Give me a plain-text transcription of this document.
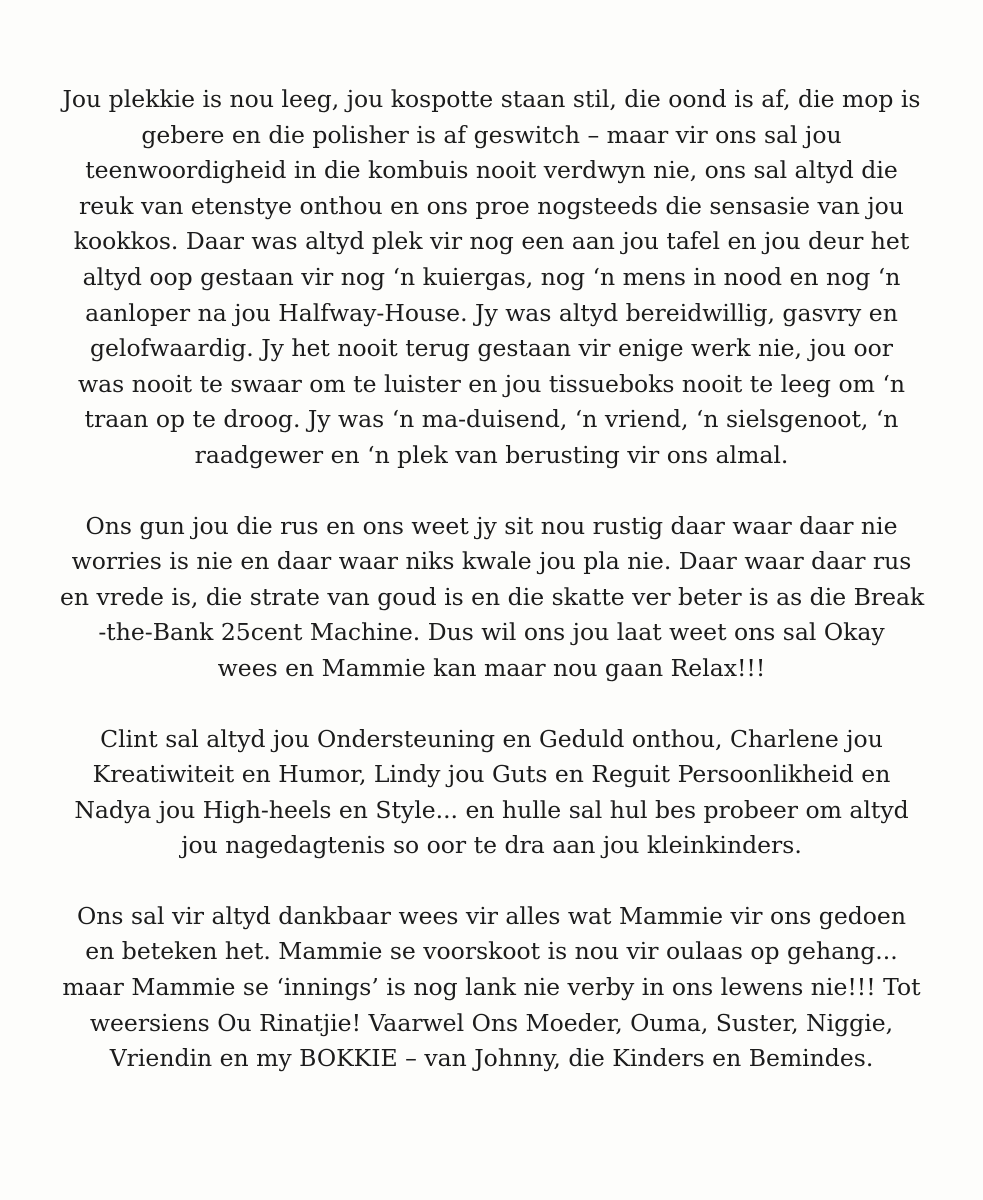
Jou plekkie is nou leeg, jou kospotte staan stil, die oond is af, die mop is
gebere en die polisher is af geswitch – maar vir ons sal jou
teenwoordigheid in die kombuis nooit verdwyn nie, ons sal altyd die
reuk van etenstye onthou en ons proe nogsteeds die sensasie van jou
kookkos. Daar was altyd plek vir nog een aan jou tafel en jou deur het
altyd oop gestaan vir nog ‘n kuiergas, nog ‘n mens in nood en nog ‘n
aanloper na jou Halfway-House. Jy was altyd bereidwillig, gasvry en
gelofwaardig. Jy het nooit terug gestaan vir enige werk nie, jou oor
was nooit te swaar om te luister en jou tissueboks nooit te leeg om ‘n
traan op te droog. Jy was ‘n ma-duisend, ‘n vriend, ‘n sielsgenoot, ‘n
raadgewer en ‘n plek van berusting vir ons almal.
Ons gun jou die rus en ons weet jy sit nou rustig daar waar daar nie
worries is nie en daar waar niks kwale jou pla nie. Daar waar daar rus
en vrede is, die strate van goud is en die skatte ver beter is as die Break
-the-Bank 25cent Machine. Dus wil ons jou laat weet ons sal Okay
wees en Mammie kan maar nou gaan Relax!!!
Clint sal altyd jou Ondersteuning en Geduld onthou, Charlene jou
Kreatiwiteit en Humor, Lindy jou Guts en Reguit Persoonlikheid en
Nadya jou High-heels en Style... en hulle sal hul bes probeer om altyd
jou nagedagtenis so oor te dra aan jou kleinkinders.
Ons sal vir altyd dankbaar wees vir alles wat Mammie vir ons gedoen
en beteken het. Mammie se voorskoot is nou vir oulaas op gehang...
maar Mammie se ‘innings’ is nog lank nie verby in ons lewens nie!!! Tot
weersiens Ou Rinatjie! Vaarwel Ons Moeder, Ouma, Suster, Niggie,
Vriendin en my BOKKIE – van Johnny, die Kinders en Bemindes.
